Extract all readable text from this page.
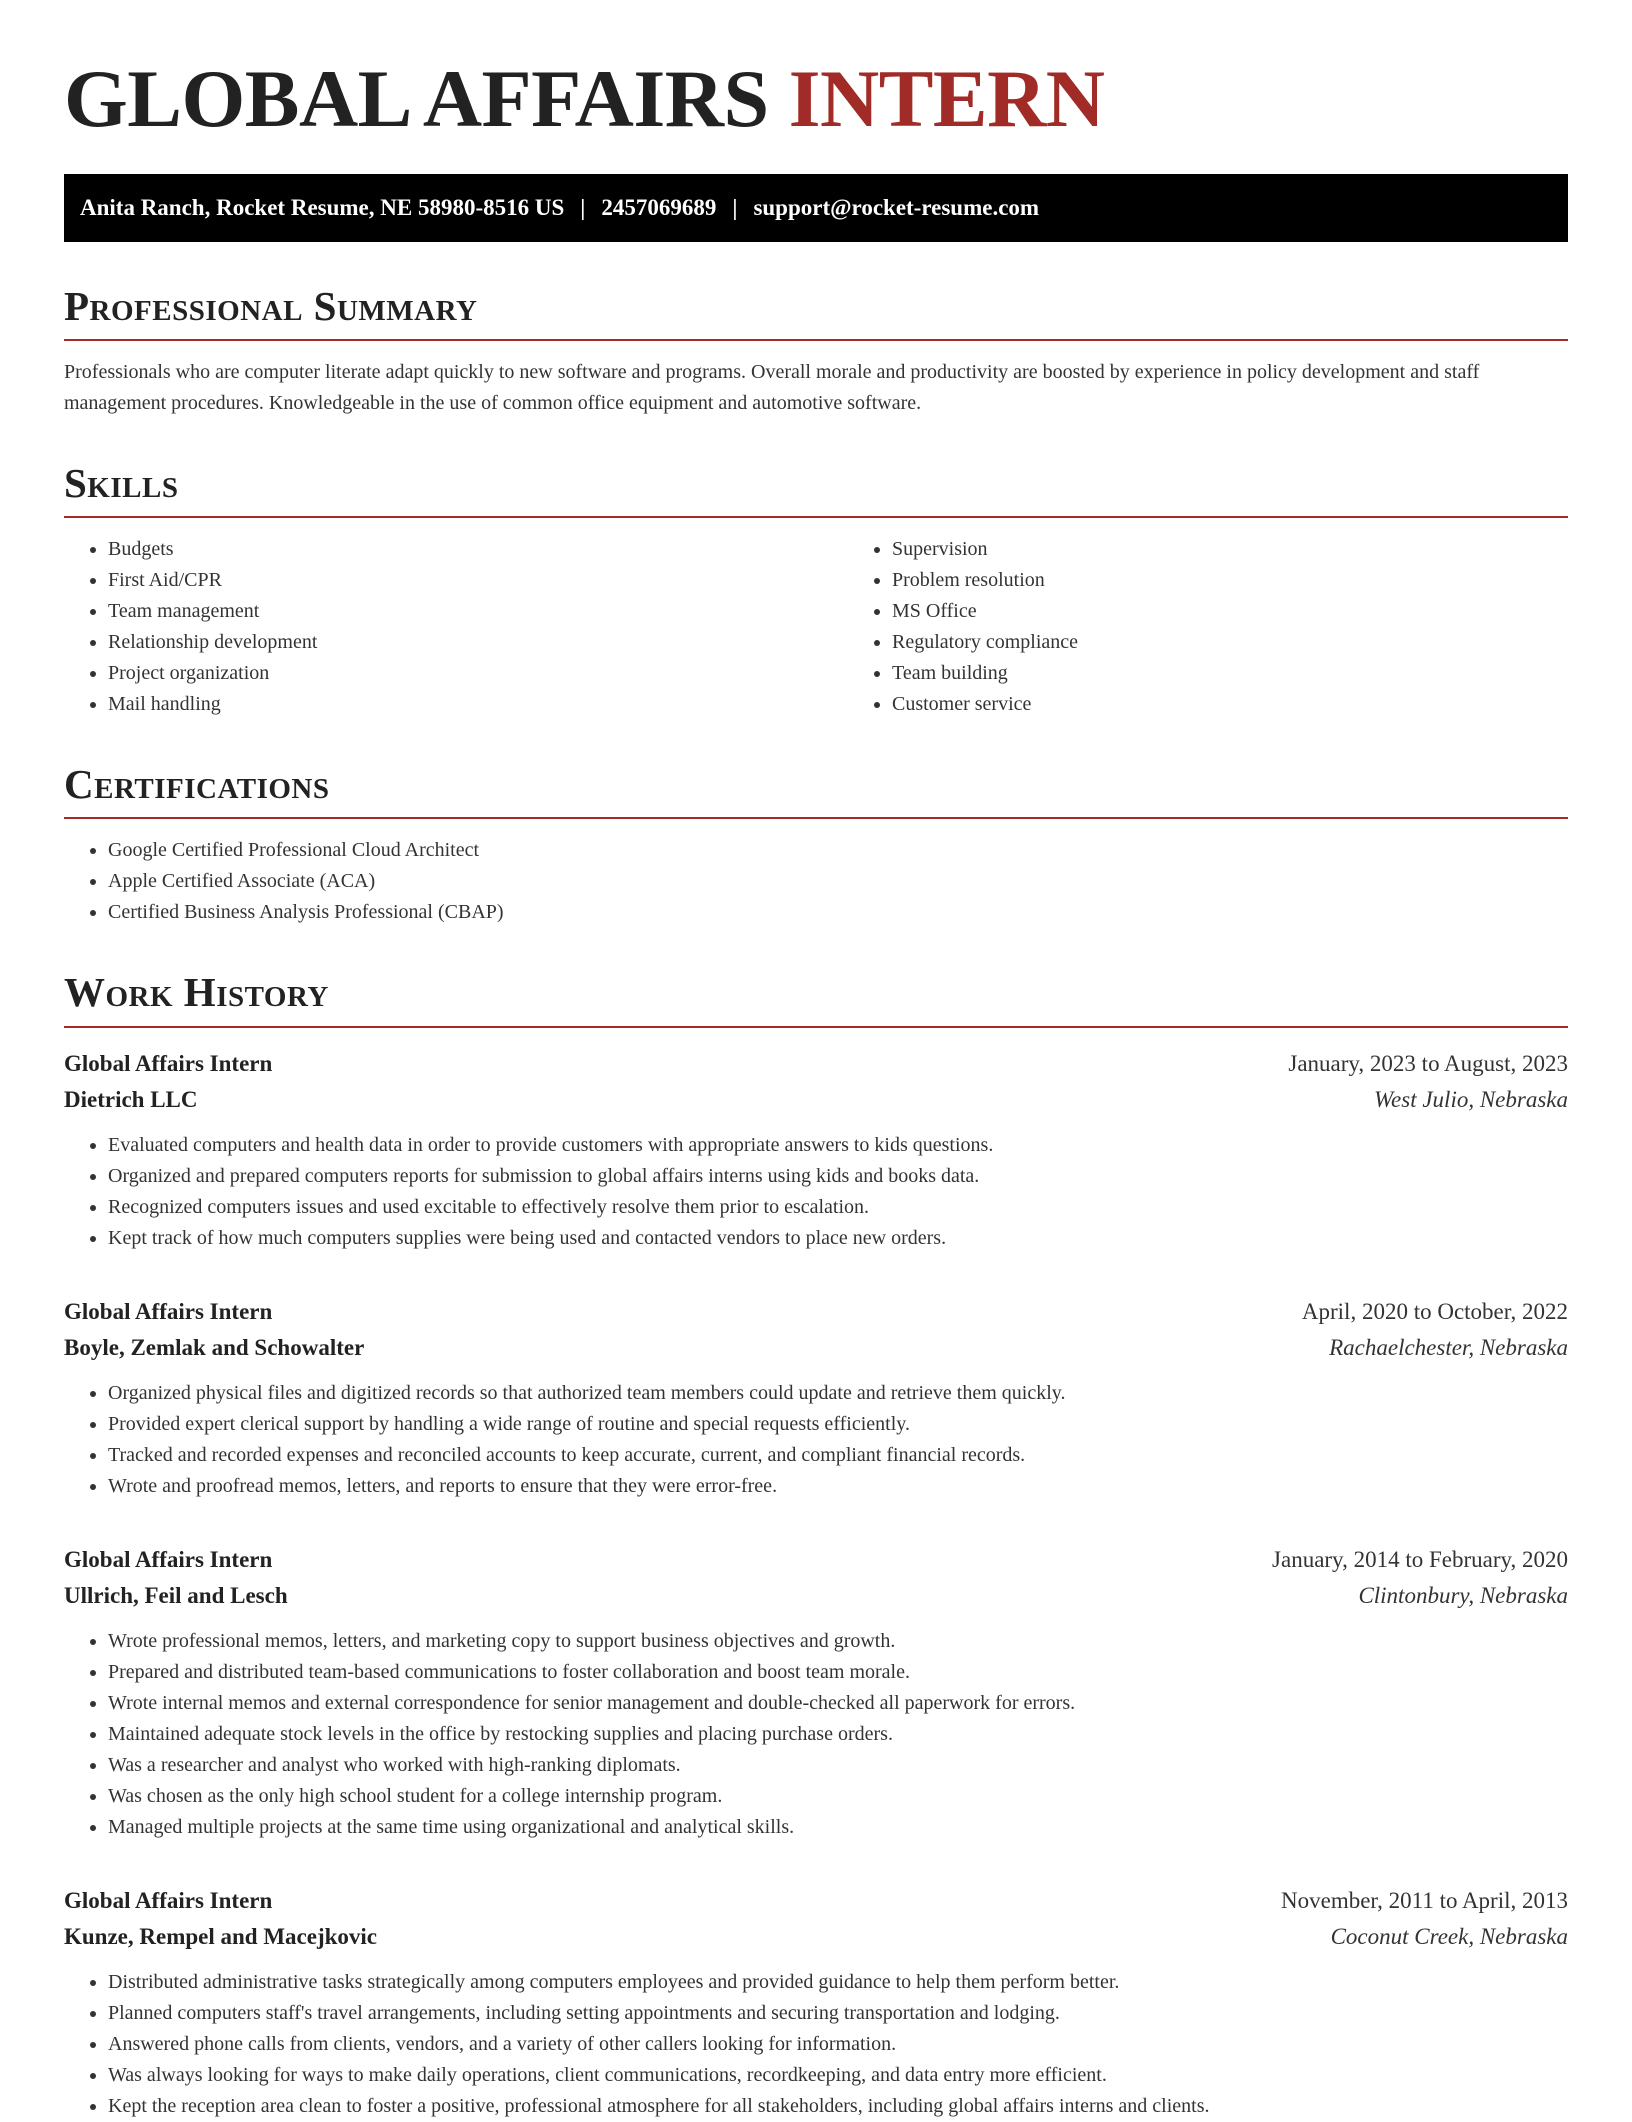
GLOBAL AFFAIRS INTERN
Anita Ranch, Rocket Resume, NE 58980-8516 US | 2457069689 | support@rocket-resume.com
Professional Summary

Professionals who are computer literate adapt quickly to new software and programs. Overall morale and productivity are boosted by experience in policy development and staff management procedures. Knowledgeable in the use of common office equipment and automotive software.

Skills
• Budgets
• First Aid/CPR
• Team management
• Relationship development
• Project organization
• Mail handling
• Supervision
• Problem resolution
• MS Office
• Regulatory compliance
• Team building
• Customer service
Certifications
• Google Certified Professional Cloud Architect
• Apple Certified Associate (ACA)
• Certified Business Analysis Professional (CBAP)
Work History
Global Affairs Intern	January, 2023 to August, 2023
Dietrich LLC	West Julio, Nebraska
• Evaluated computers and health data in order to provide customers with appropriate answers to kids questions.
• Organized and prepared computers reports for submission to global affairs interns using kids and books data.
• Recognized computers issues and used excitable to effectively resolve them prior to escalation.
• Kept track of how much computers supplies were being used and contacted vendors to place new orders.
Global Affairs Intern	April, 2020 to October, 2022
Boyle, Zemlak and Schowalter	Rachaelchester, Nebraska
• Organized physical files and digitized records so that authorized team members could update and retrieve them quickly.
• Provided expert clerical support by handling a wide range of routine and special requests efficiently.
• Tracked and recorded expenses and reconciled accounts to keep accurate, current, and compliant financial records.
• Wrote and proofread memos, letters, and reports to ensure that they were error-free.
Global Affairs Intern	January, 2014 to February, 2020
Ullrich, Feil and Lesch	Clintonbury, Nebraska
• Wrote professional memos, letters, and marketing copy to support business objectives and growth.
• Prepared and distributed team-based communications to foster collaboration and boost team morale.
• Wrote internal memos and external correspondence for senior management and double-checked all paperwork for errors.
• Maintained adequate stock levels in the office by restocking supplies and placing purchase orders.
• Was a researcher and analyst who worked with high-ranking diplomats.
• Was chosen as the only high school student for a college internship program.
• Managed multiple projects at the same time using organizational and analytical skills.
Global Affairs Intern	November, 2011 to April, 2013
Kunze, Rempel and Macejkovic	Coconut Creek, Nebraska
• Distributed administrative tasks strategically among computers employees and provided guidance to help them perform better.
• Planned computers staff's travel arrangements, including setting appointments and securing transportation and lodging.
• Answered phone calls from clients, vendors, and a variety of other callers looking for information.
• Was always looking for ways to make daily operations, client communications, recordkeeping, and data entry more efficient.
• Kept the reception area clean to foster a positive, professional atmosphere for all stakeholders, including global affairs interns and clients.
